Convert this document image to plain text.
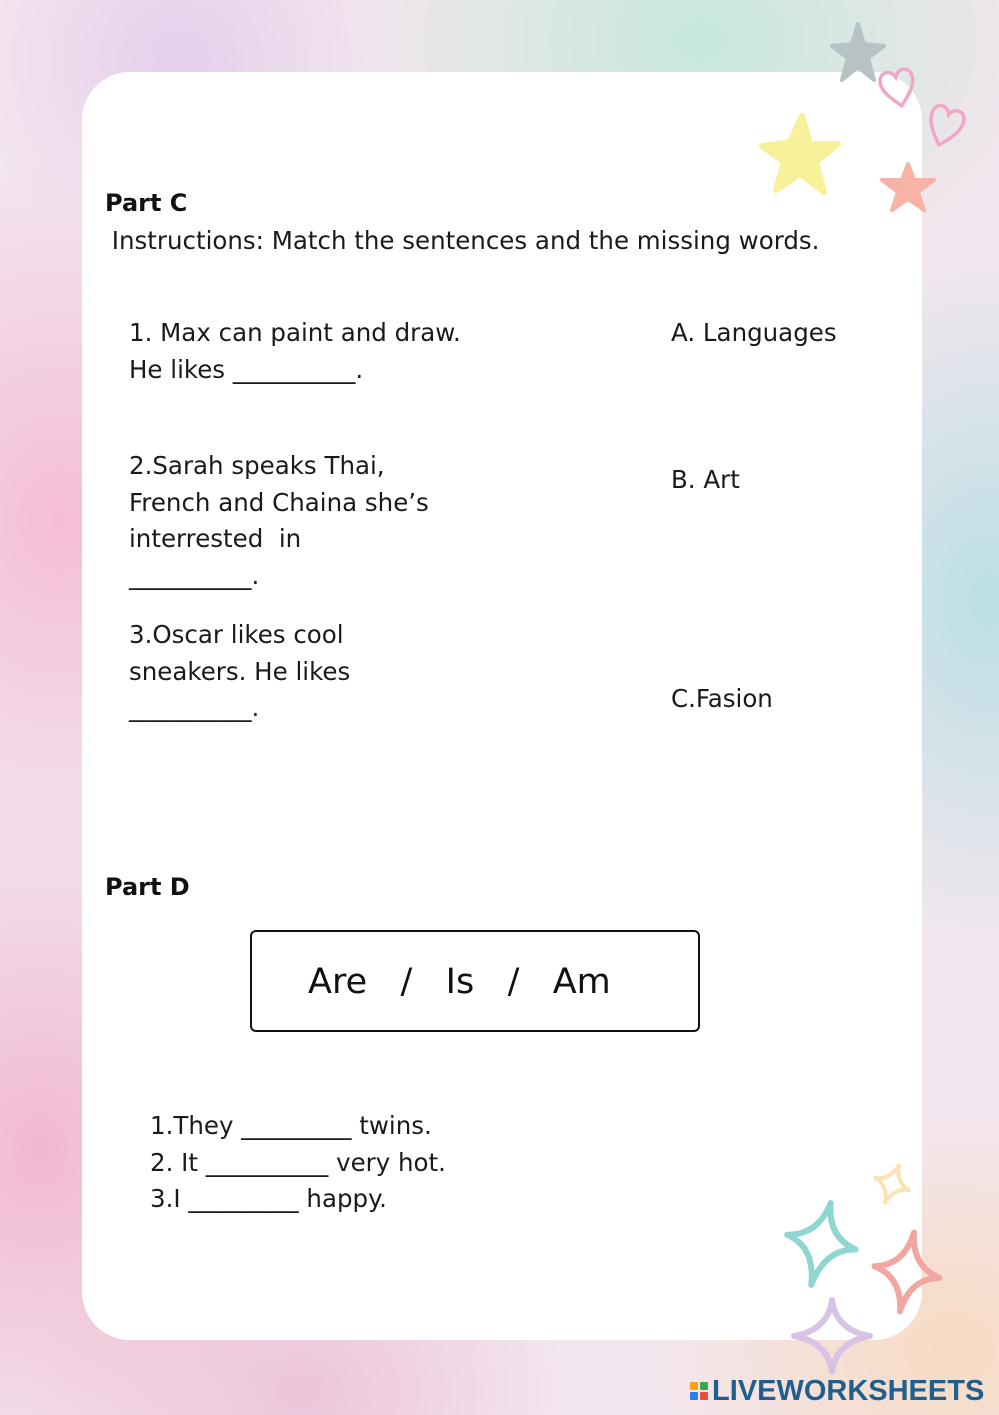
Part C

Instructions: Match the sentences and the missing words.

1. Max can paint and draw.
He likes __________.

2.Sarah speaks Thai,
French and Chaina she’s
interrested  in
__________.

3.Oscar likes cool
sneakers. He likes
__________.

A. Languages

B. Art

C.Fasion

Part D
Are   /   Is   /   Am
1.They _________ twins.
2. It __________ very hot.
3.I _________ happy.
LIVEWORKSHEETS
